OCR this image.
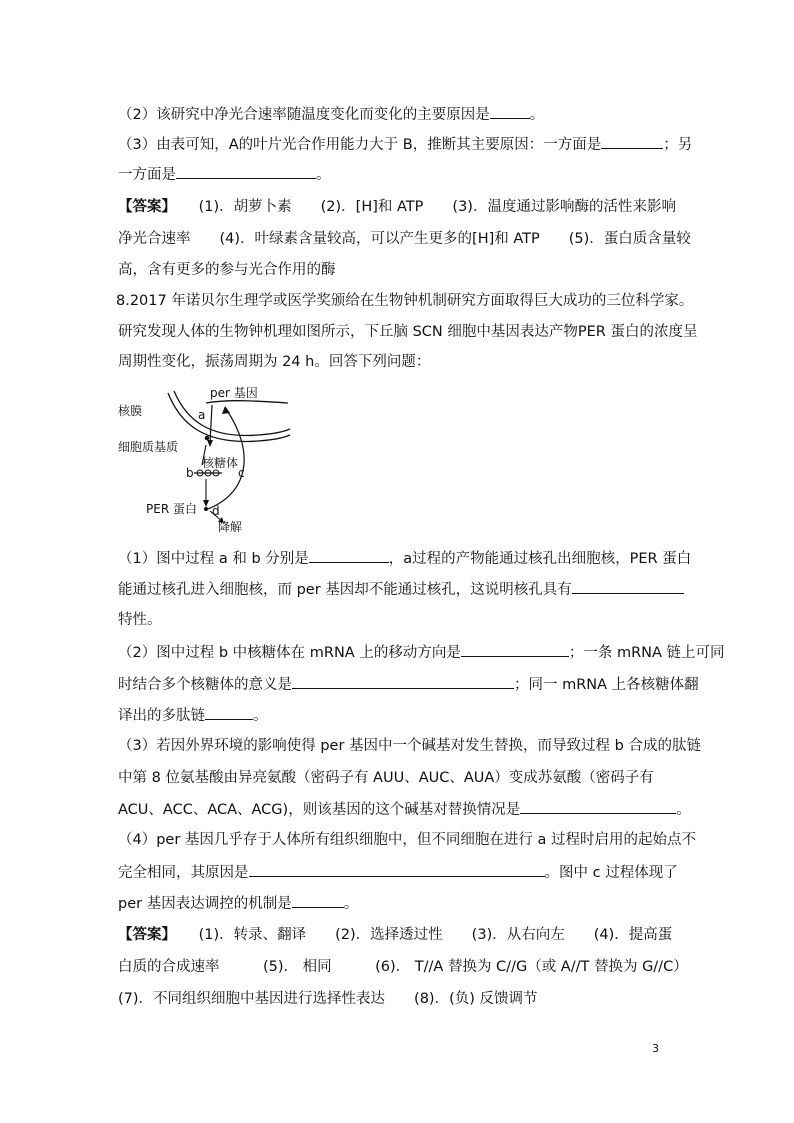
（2）该研究中净光合速率随温度变化而变化的主要原因是	。
（3）由表可知，A的叶片光合作用能力大于 B，推断其主要原因：一方面是	；另
一方面是	。
【答案】 (1)．胡萝卜素　　(2)．[H]和 ATP　　(3)．温度通过影响酶的活性来影响
净光合速率　　(4)．叶绿素含量较高，可以产生更多的[H]和 ATP　　(5)．蛋白质含量较
高，含有更多的参与光合作用的酶
8.2017 年诺贝尔生理学或医学奖颁给在生物钟机制研究方面取得巨大成功的三位科学家。
研究发现人体的生物钟机理如图所示，下丘脑 SCN 细胞中基因表达产物PER 蛋白的浓度呈
周期性变化，振荡周期为 24 h。回答下列问题：
per 基因
核膜
细胞质基质
核糖体
PER 蛋白
降解
a
b	c
d
（1）图中过程 a 和 b 分别是	，a过程的产物能通过核孔出细胞核，PER 蛋白
能通过核孔进入细胞核，而 per 基因却不能通过核孔，这说明核孔具有
特性。
（2）图中过程 b 中核糖体在 mRNA 上的移动方向是	；一条 mRNA 链上可同
时结合多个核糖体的意义是	；同一 mRNA 上各核糖体翻
译出的多肽链	。
（3）若因外界环境的影响使得 per 基因中一个碱基对发生替换，而导致过程 b 合成的肽链
中第 8 位氨基酸由异亮氨酸（密码子有 AUU、AUC、AUA）变成苏氨酸（密码子有
ACU、ACC、ACA、ACG)，则该基因的这个碱基对替换情况是	。
（4）per 基因几乎存于人体所有组织细胞中，但不同细胞在进行 a 过程时启用的起始点不
完全相同，其原因是	。图中 c 过程体现了
per 基因表达调控的机制是	。
【答案】 (1)．转录、翻译　　(2)．选择透过性　　(3)．从右向左　　(4)．提高蛋
白质的合成速率　　　(5)． 相同　　　(6)． T//A 替换为 C//G（或 A//T 替换为 G//C）
(7)．不同组织细胞中基因进行选择性表达　　(8)．(负) 反馈调节
3
